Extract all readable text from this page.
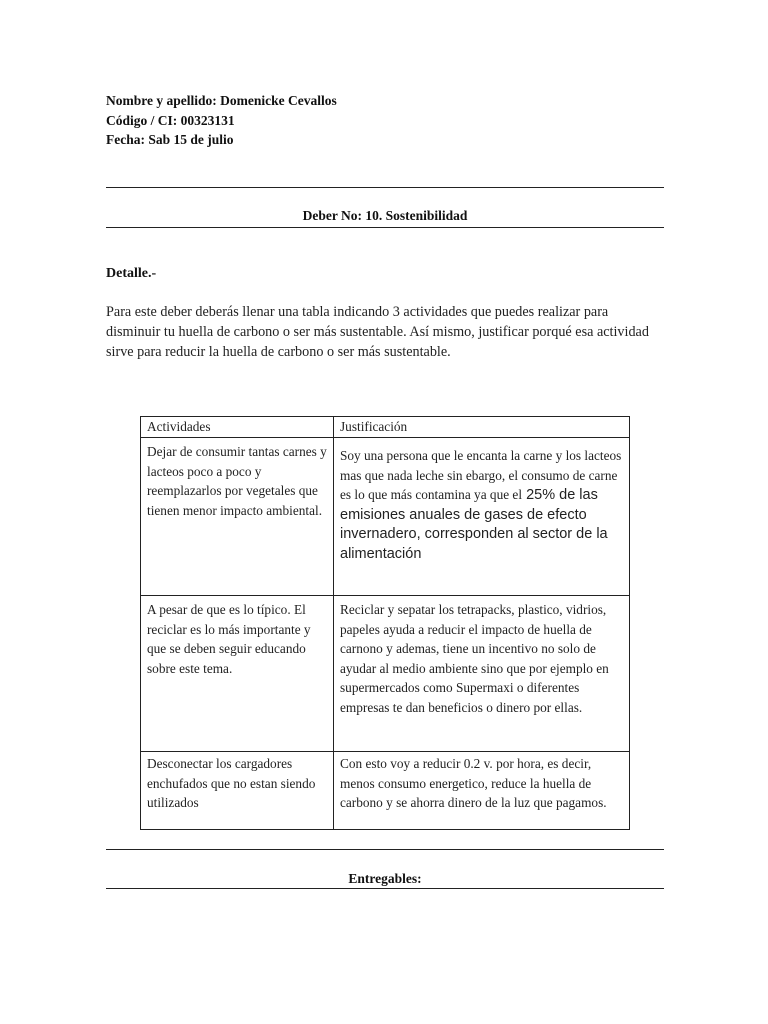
Nombre y apellido: Domenicke Cevallos
Código / CI: 00323131
Fecha: Sab 15 de julio
Deber No: 10. Sostenibilidad
Detalle.-
Para este deber deberás llenar una tabla indicando 3 actividades que puedes realizar para disminuir tu huella de carbono o ser más sustentable. Así mismo, justificar porqué esa actividad sirve para reducir la huella de carbono o ser más sustentable.
Actividades	Justificación
Dejar de consumir tantas carnes y lacteos poco a poco y reemplazarlos por vegetales que tienen menor impacto ambiental.	Soy una persona que le encanta la carne y los lacteos mas que nada leche sin ebargo, el consumo de carne es lo que más contamina ya que el 25% de las emisiones anuales de gases de efecto invernadero, corresponden al sector de la alimentación
A pesar de que es lo típico. El reciclar es lo más importante y que se deben seguir educando sobre este tema.	Reciclar y sepatar los tetrapacks, plastico, vidrios, papeles ayuda a reducir el impacto de huella de carnono y ademas, tiene un incentivo no solo de ayudar al medio ambiente sino que por ejemplo en supermercados como Supermaxi o diferentes empresas te dan beneficios o dinero por ellas.
Desconectar los cargadores enchufados que no estan siendo utilizados	Con esto voy a reducir 0.2 v. por hora, es decir, menos consumo energetico, reduce la huella de carbono y se ahorra dinero de la luz que pagamos.
Entregables:
